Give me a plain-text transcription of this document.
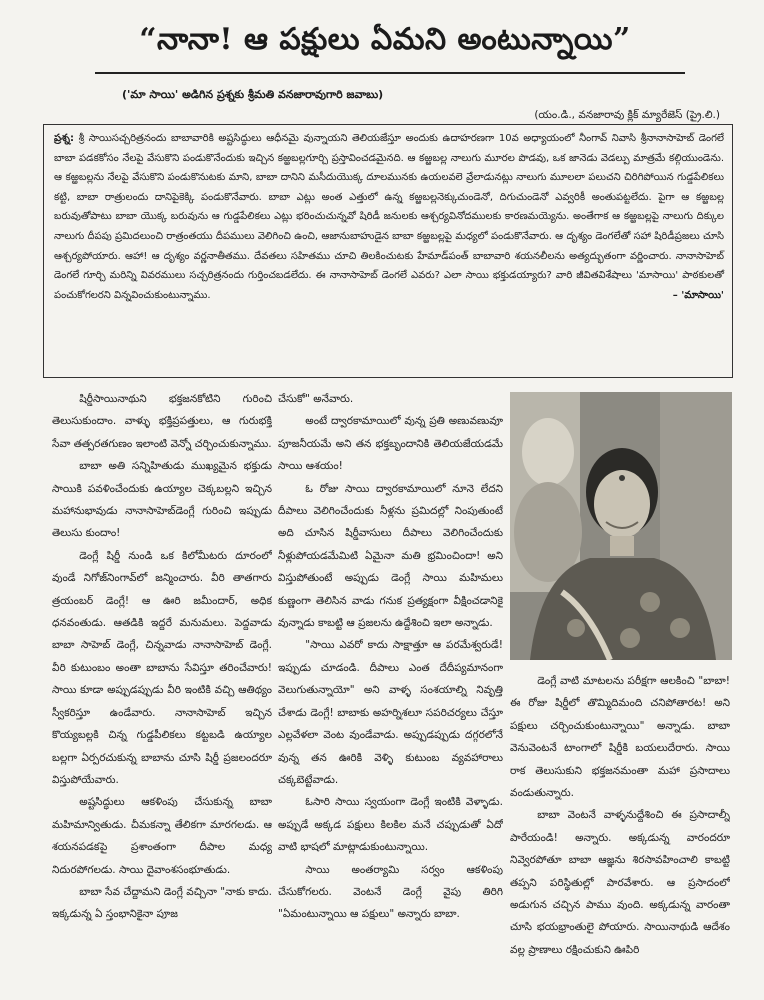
“నానా! ఆ పక్షులు ఏమని అంటున్నాయి”
('మా సాయి' అడిగిన ప్రశ్నకు శ్రీమతి వనజారావుగారి జవాబు)
(యం.డి., వనజారావు క్లిక్ మ్యారేజెస్ (ప్రై.లి.)
ప్రశ్న: శ్రీ సాయిసచ్చరిత్రనందు బాబావారికి అష్టసిద్ధులు ఆధీనమై వున్నాయని తెలియజేస్తూ అందుకు ఉదాహరణగా 10వ అధ్యాయంలో నీంగావ్ నివాసి శ్రీనానాసాహెబ్ డెంగలే బాబా పడకకోసం నేలపై వేసుకొని పండుకొనేందుకు ఇచ్చిన కఱ్ఱబల్లగూర్చి ప్రస్తావించడమైనది. ఆ కఱ్ఱబల్ల నాలుగు మూరల పొడవు, ఒక జానెడు వెడల్పు మాత్రమే కల్గియుండెను. ఆ కఱ్ఱబల్లను నేలపై వేసుకొని పండుకొనుటకు మాని, బాబా దానిని మసీదుయొక్క దూలమునకు ఉయలవలె వ్రేలాడునట్లు నాలుగు మూలలా పలుచని చిరిగిపోయిన గుడ్డపేలికలు కట్టి, బాబా రాత్రులందు దానిపైకెక్కి పండుకొనేవారు. బాబా ఎట్లు అంత ఎత్తులో ఉన్న కఱ్ఱబల్లనెక్కుచుండెనో, దిగుచుండెనో ఎవ్వరికీ అంతుపట్టలేదు. పైగా ఆ కఱ్ఱబల్ల బరువుతోపాటు బాబా యొక్క బరువును ఆ గుడ్డపేలికలు ఎట్లు భరించుచున్నవో షిరిడీ జనులకు ఆశ్చర్యవినోదములకు కారణమయ్యెను. అంతేగాక ఆ కఱ్ఱబల్లపై నాలుగు దిక్కుల నాలుగు దీపపు ప్రమిదలుంచి రాత్రంతయు దీపములు వెలిగించి ఉంచి, ఆజానుబాహుడైన బాబా కఱ్ఱబల్లపై మధ్యలో పండుకొనేవారు. ఆ దృశ్యం డెంగలేతో సహా షిరిడీప్రజలు చూసి ఆశ్చర్యపోయారు. ఆహా! ఆ దృశ్యం వర్ణనాతీతము. దేవతలు సహితము చూచి తిలకించుటకు హేమాడ్‌పంత్ బాబావారి శయనలీలను అత్యద్భుతంగా వర్ణించారు. నానాసాహెబ్ డెంగలే గూర్చి మరిన్ని వివరములు సచ్చరిత్రనందు గుర్తించబడలేదు. ఈ నానాసాహెబ్ డెంగలే ఎవరు? ఎలా సాయి భక్తుడయ్యారు? వారి జీవితవిశేషాలు 'మాసాయి' పాఠకులతో పంచుకోగలరని విన్నవించుకుంటున్నాము.	– 'మాసాయి'

షిర్డీసాయినాథుని భక్తజనకోటిని గురించి తెలుసుకుందాం. వాళ్ళు భక్తిప్రపత్తులు, ఆ గురుభక్తి సేవా తత్పరతగుణం ఇలాంటి వెన్నో చర్చించుకున్నాము.

బాబా అతి సన్నిహితుడు ముఖ్యమైన భక్తుడు సాయికి పవళించేందుకు ఉయ్యాల చెక్కబల్లని ఇచ్చిన మహానుభావుడు నానాసాహెబ్‌డెంగ్లే గురించి ఇప్పుడు తెలుసు కుందాం!

డెంగ్లే షిర్డీ నుండి ఒక కిలోమీటరు దూరంలో వుండే నిగోజ్‌నింగావ్‌లో జన్మించారు. వీరి తాతగారు త్రయంబర్ డెంగ్లే! ఆ ఊరి జమీందార్, అధిక ధనవంతుడు. ఆతడికి ఇద్దరే మనుమలు. పెద్దవాడు బాబా సాహెబ్ డెంగ్లే, చిన్నవాడు నానాసాహెబ్ డెంగ్లే. వీరి కుటుంబం అంతా బాబాను సేవిస్తూ తరించేవారు! సాయి కూడా అప్పుడప్పుడు వీరి ఇంటికి వచ్చి ఆతిథ్యం స్వీకరిస్తూ ఉండేవారు. నానాసాహెబ్ ఇచ్చిన కొయ్యబల్లకి చిన్న గుడ్డపీలికలు కట్టబడి ఉయ్యాల బల్లగా ఏర్పరచుకున్న బాబాను చూసి షిర్డీ ప్రజలందరూ విస్తుపోయేవారు.

అష్టసిద్ధులు ఆకళింపు చేసుకున్న బాబా మహిమాన్వితుడు. చీమకన్నా తేలికగా మారగలడు. ఆ శయనపడకపై ప్రశాంతంగా దీపాల మధ్య నిదురపోగలడు. సాయి దైవాంశసంభూతుడు.

బాబా సేవ చేద్దామని డెంగ్లే వచ్చినా "నాకు కాదు. ఇక్కడున్న ఏ స్తంభానికైనా పూజ

చేసుకో" అనేవారు.

అంటే ద్వారకామాయిలో వున్న ప్రతి అణువణువూ పూజనీయమే అని తన భక్తబృందానికి తెలియజేయడమే సాయి ఆశయం!

ఓ రోజు సాయి ద్వారకామాయిలో నూనె లేదని దీపాలు వెలిగించేందుకు నీళ్లను ప్రమిదల్లో నింపుతుంటే అది చూసిన షిర్డీవాసులు దీపాలు వెలిగించేందుకు నీళ్లుపోయడమేమిటి ఏమైనా మతి భ్రమించిందా! అని విస్తుపోతుంటే అప్పుడు డెంగ్లే సాయి మహిమలు కుణ్ణంగా తెలిసిన వాడు గనుక ప్రత్యక్షంగా వీక్షించడానికై వున్నాడు కాబట్టి ఆ ప్రజలను ఉద్దేశించి ఇలా అన్నాడు.

"సాయి ఎవరో కాదు సాక్షాత్తూ ఆ పరమేశ్వరుడే! ఇప్పుడు చూడండి. దీపాలు ఎంత దేదీప్యమానంగా వెలుగుతున్నాయో" అని వాళ్ళ సంశయాల్ని నివృత్తి చేశాడు డెంగ్లే! బాబాకు అహర్నిశలూ సపరిచర్యలు చేస్తూ ఎల్లవేళలా వెంట వుండేవాడు. అప్పుడప్పుడు దగ్గరలోనే వున్న తన ఊరికి వెళ్ళి కుటుంబ వ్యవహారాలు చక్కబెట్టేవాడు.

ఓసారి సాయి స్వయంగా డెంగ్లే ఇంటికి వెళ్ళాడు. అప్పుడే అక్కడ పక్షులు కిలకిల మనే చప్పుడుతో ఏదో వాటి భాషలో మాట్లాడుకుంటున్నాయి.

సాయి అంతర్యామి సర్వం ఆకళింపు చేసుకోగలరు. వెంటనే డెంగ్లే వైపు తిరిగి "ఏమంటున్నాయి ఆ పక్షులు" అన్నారు బాబా.

డెంగ్లే వాటి మాటలను పరీక్షగా ఆలకించి "బాబా! ఈ రోజు షిర్డీలో తొమ్మిదిమంది చనిపోతారట! అని పక్షులు చర్చించుకుంటున్నాయి" అన్నాడు. బాబా వెనువెంటనే టాంగాలో షిర్డీకి బయలుదేరారు. సాయి రాక తెలుసుకుని భక్తజనమంతా మహా ప్రసాదాలు వండుతున్నారు.

బాబా వెంటనే వాళ్ళనుద్దేశించి ఈ ప్రసాదాల్నీ పారేయండి! అన్నారు. అక్కడున్న వారందరూ నివ్వెరపోతూ బాబా ఆజ్ఞను శిరసావహించాలి కాబట్టి తప్పని పరిస్థితుల్లో పారవేశారు. ఆ ప్రసాదంలో అడుగున చచ్చిన పాము వుంది. అక్కడున్న వారంతా చూసి భయభ్రాంతులై పోయారు. సాయినాథుడి ఆదేశం వల్ల ప్రాణాలు రక్షించుకుని ఊపిరి
